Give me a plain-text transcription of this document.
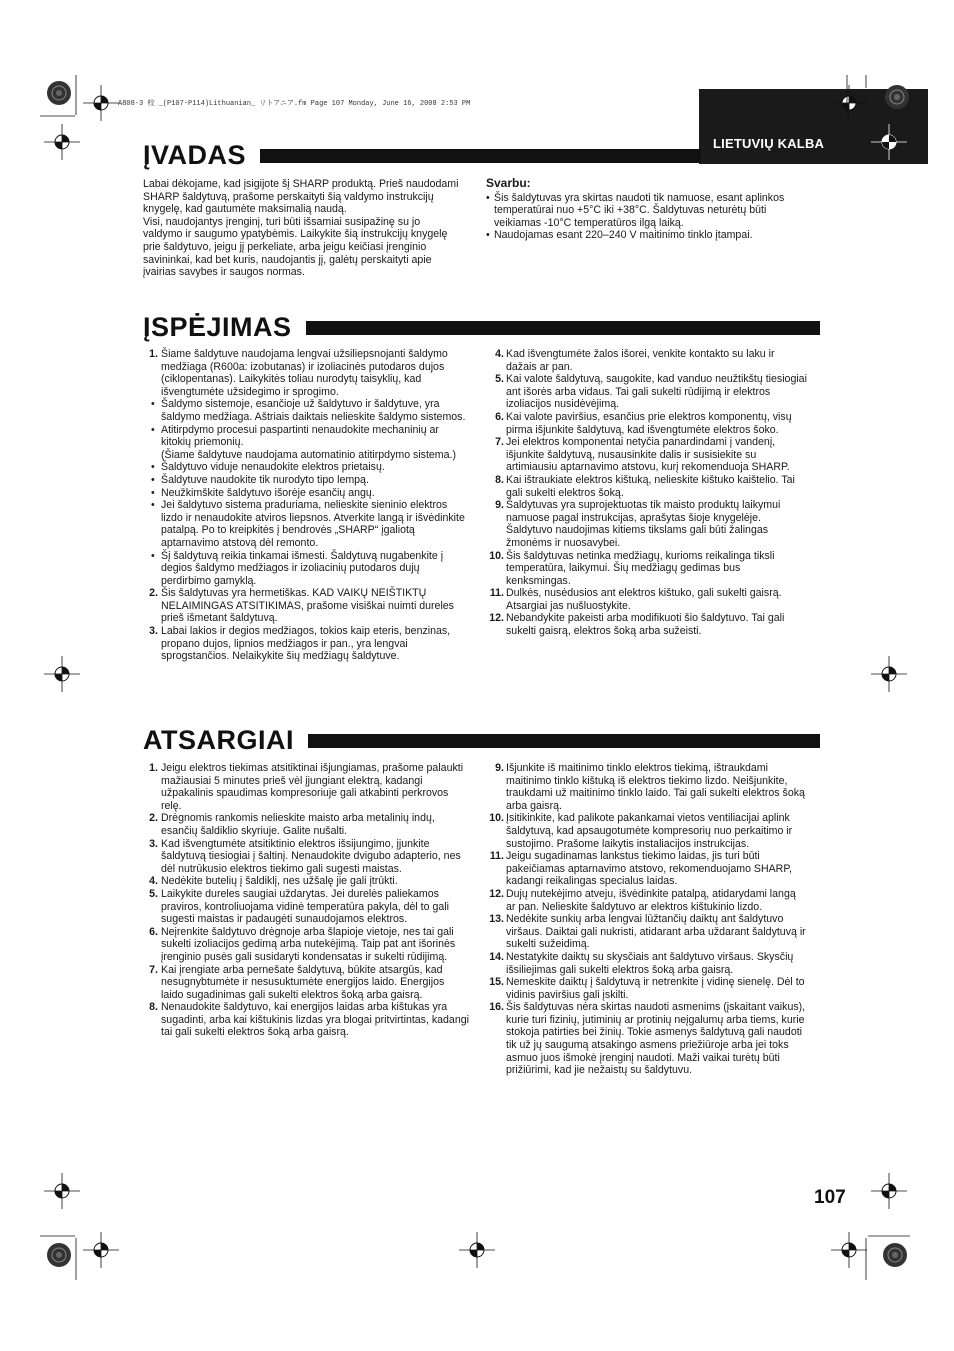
A808-3 校 _(P107-P114)Lithuanian_ リトアニア.fm Page 107 Monday, June 16, 2008 2:53 PM
LIETUVIŲ KALBA
ĮVADAS

Labai dėkojame, kad įsigijote šį SHARP produktą. Prieš naudodami SHARP šaldytuvą, prašome perskaityti šią valdymo instrukcijų knygelę, kad gautumėte maksimalią naudą.

Visi, naudojantys įrenginį, turi būti išsamiai susipažinę su jo valdymo ir saugumo ypatybėmis. Laikykite šią instrukcijų knygelę prie šaldytuvo, jeigu jį perkeliate, arba jeigu keičiasi įrenginio savininkai, kad bet kuris, naudojantis jį, galėtų perskaityti apie įvairias savybes ir saugos normas.

Svarbu:
• Šis šaldytuvas yra skirtas naudoti tik namuose, esant aplinkos temperatūrai nuo +5°C iki +38°C. Šaldytuvas neturėtų būti veikiamas -10°C temperatūros ilgą laiką.
• Naudojamas esant 220–240 V maitinimo tinklo įtampai.
ĮSPĖJIMAS
1. Šiame šaldytuve naudojama lengvai užsiliepsnojanti šaldymo medžiaga (R600a: izobutanas) ir izoliacinės putodaros dujos (ciklopentanas). Laikykitės toliau nurodytų taisyklių, kad išvengtumėte užsidegimo ir sprogimo.
• Šaldymo sistemoje, esančioje už šaldytuvo ir šaldytuve, yra šaldymo medžiaga. Aštriais daiktais nelieskite šaldymo sistemos.
• Atitirpdymo procesui paspartinti nenaudokite mechaninių ar kitokių priemonių.
(Šiame šaldytuve naudojama automatinio atitirpdymo sistema.)
• Šaldytuvo viduje nenaudokite elektros prietaisų.
• Šaldytuve naudokite tik nurodyto tipo lempą.
• Neužkimškite šaldytuvo išorėje esančių angų.
• Jei šaldytuvo sistema praduriama, nelieskite sieninio elektros lizdo ir nenaudokite atviros liepsnos. Atverkite langą ir išvėdinkite patalpą. Po to kreipkitės į bendrovės „SHARP“ įgaliotą aptarnavimo atstovą dėl remonto.
• Šį šaldytuvą reikia tinkamai išmesti. Šaldytuvą nugabenkite į degios šaldymo medžiagos ir izoliacinių putodaros dujų perdirbimo gamyklą.
2. Šis šaldytuvas yra hermetiškas. KAD VAIKŲ NEIŠTIKTŲ NELAIMINGAS ATSITIKIMAS, prašome visiškai nuimti dureles prieš išmetant šaldytuvą.
3. Labai lakios ir degios medžiagos, tokios kaip eteris, benzinas, propano dujos, lipnios medžiagos ir pan., yra lengvai sprogstančios. Nelaikykite šių medžiagų šaldytuve.
4. Kad išvengtumėte žalos išorei, venkite kontakto su laku ir dažais ar pan.
5. Kai valote šaldytuvą, saugokite, kad vanduo neužtikštų tiesiogiai ant išorės arba vidaus. Tai gali sukelti rūdijimą ir elektros izoliacijos nusidėvėjimą.
6. Kai valote paviršius, esančius prie elektros komponentų, visų pirma išjunkite šaldytuvą, kad išvengtumėte elektros šoko.
7. Jei elektros komponentai netyčia panardindami į vandenį, išjunkite šaldytuvą, nusausinkite dalis ir susisiekite su artimiausiu aptarnavimo atstovu, kurį rekomenduoja SHARP.
8. Kai ištraukiate elektros kištuką, nelieskite kištuko kaištelio. Tai gali sukelti elektros šoką.
9. Šaldytuvas yra suprojektuotas tik maisto produktų laikymui namuose pagal instrukcijas, aprašytas šioje knygelėje. Šaldytuvo naudojimas kitiems tikslams gali būti žalingas žmonėms ir nuosavybei.
10. Šis šaldytuvas netinka medžiagų, kurioms reikalinga tiksli temperatūra, laikymui. Šių medžiagų gedimas bus kenksmingas.
11. Dulkės, nusėdusios ant elektros kištuko, gali sukelti gaisrą. Atsargiai jas nušluostykite.
12. Nebandykite pakeisti arba modifikuoti šio šaldytuvo. Tai gali sukelti gaisrą, elektros šoką arba sužeisti.
ATSARGIAI
1. Jeigu elektros tiekimas atsitiktinai išjungiamas, prašome palaukti mažiausiai 5 minutes prieš vėl įjungiant elektrą, kadangi užpakalinis spaudimas kompresoriuje gali atkabinti perkrovos relę.
2. Drėgnomis rankomis nelieskite maisto arba metalinių indų, esančių šaldiklio skyriuje. Galite nušalti.
3. Kad išvengtumėte atsitiktinio elektros išsijungimo, įjunkite šaldytuvą tiesiogiai į šaltinį. Nenaudokite dvigubo adapterio, nes dėl nutrūkusio elektros tiekimo gali sugesti maistas.
4. Nedėkite butelių į šaldiklį, nes užšalę jie gali įtrūkti.
5. Laikykite dureles saugiai uždarytas. Jei durelės paliekamos praviros, kontroliuojama vidinė temperatūra pakyla, dėl to gali sugesti maistas ir padaugėti sunaudojamos elektros.
6. Neįrenkite šaldytuvo drėgnoje arba šlapioje vietoje, nes tai gali sukelti izoliacijos gedimą arba nutekėjimą. Taip pat ant išorinės įrenginio pusės gali susidaryti kondensatas ir sukelti rūdijimą.
7. Kai įrengiate arba pernešate šaldytuvą, būkite atsargūs, kad nesugnybtumėte ir nesusuktumėte energijos laido. Energijos laido sugadinimas gali sukelti elektros šoką arba gaisrą.
8. Nenaudokite šaldytuvo, kai energijos laidas arba kištukas yra sugadinti, arba kai kištukinis lizdas yra blogai pritvirtintas, kadangi tai gali sukelti elektros šoką arba gaisrą.
9. Išjunkite iš maitinimo tinklo elektros tiekimą, ištraukdami maitinimo tinklo kištuką iš elektros tiekimo lizdo. Neišjunkite, traukdami už maitinimo tinklo laido. Tai gali sukelti elektros šoką arba gaisrą.
10. Įsitikinkite, kad palikote pakankamai vietos ventiliacijai aplink šaldytuvą, kad apsaugotumėte kompresorių nuo perkaitimo ir sustojimo. Prašome laikytis instaliacijos instrukcijas.
11. Jeigu sugadinamas lankstus tiekimo laidas, jis turi būti pakeičiamas aptarnavimo atstovo, rekomenduojamo SHARP, kadangi reikalingas specialus laidas.
12. Dujų nutekėjimo atveju, išvėdinkite patalpą, atidarydami langą ar pan. Nelieskite šaldytuvo ar elektros kištukinio lizdo.
13. Nedėkite sunkių arba lengvai lūžtančių daiktų ant šaldytuvo viršaus. Daiktai gali nukristi, atidarant arba uždarant šaldytuvą ir sukelti sužeidimą.
14. Nestatykite daiktų su skysčiais ant šaldytuvo viršaus. Skysčių išsiliejimas gali sukelti elektros šoką arba gaisrą.
15. Nemeskite daiktų į šaldytuvą ir netrenkite į vidinę sienelę. Dėl to vidinis paviršius gali įskilti.
16. Šis šaldytuvas nėra skirtas naudoti asmenims (įskaitant vaikus), kurie turi fizinių, jutiminių ar protinių neįgalumų arba tiems, kurie stokoja patirties bei žinių. Tokie asmenys šaldytuvą gali naudoti tik už jų saugumą atsakingo asmens priežiūroje arba jei toks asmuo juos išmokė įrenginį naudoti. Maži vaikai turėtų būti prižiūrimi, kad jie nežaistų su šaldytuvu.
107
